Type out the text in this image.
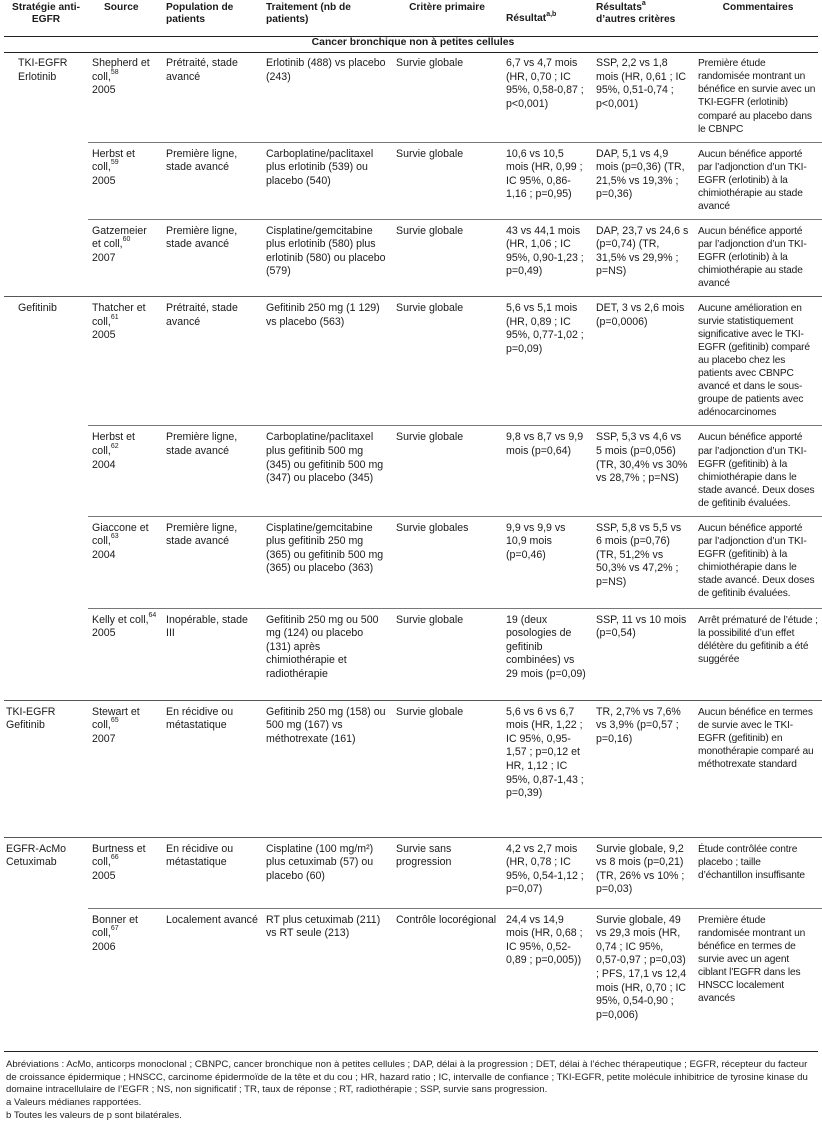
Stratégie anti-EGFR	Source	Population de patients	Traitement (nb de patients)	Critère primaire	Résultat$^{a,b}$	Résultats$^a$
d’autres critères	Commentaires
Cancer bronchique non à petites cellules							
TKI-EGFR Erlotinib	Shepherd et coll,$^{58}$
2005	Prétraité, stade avancé	Erlotinib (488) vs placebo (243)	Survie globale	6,7 vs 4,7 mois (HR, 0,70 ; IC 95%, 0,58-0,87 ; p<0,001)	SSP, 2,2 vs 1,8 mois (HR, 0,61 ; IC 95%, 0,51-0,74 ; p<0,001)	Première étude randomisée montrant un bénéfice en survie avec un TKI-EGFR (erlotinib) comparé au placebo dans le CBNPC
	Herbst et coll,$^{59}$
2005	Première ligne, stade avancé	Carboplatine/paclitaxel plus erlotinib (539) ou placebo (540)	Survie globale	10,6 vs 10,5 mois (HR, 0,99 ; IC 95%, 0,86-1,16 ; p=0,95)	DAP, 5,1 vs 4,9 mois (p=0,36) (TR, 21,5% vs 19,3% ; p=0,36)	Aucun bénéfice apporté par l’adjonction d’un TKI-EGFR (erlotinib) à la chimiothérapie au stade avancé
	Gatzemeier et coll,$^{60}$
2007	Première ligne, stade avancé	Cisplatine/gemcitabine plus erlotinib (580) plus erlotinib (580) ou placebo (579)	Survie globale	43 vs 44,1 mois (HR, 1,06 ; IC 95%, 0,90-1,23 ; p=0,49)	DAP, 23,7 vs 24,6 s (p=0,74) (TR, 31,5% vs 29,9% ; p=NS)	Aucun bénéfice apporté par l’adjonction d’un TKI-EGFR (erlotinib) à la chimiothérapie au stade avancé
Gefitinib	Thatcher et coll,$^{61}$
2005	Prétraité, stade avancé	Gefitinib 250 mg (1 129) vs placebo (563)	Survie globale	5,6 vs 5,1 mois (HR, 0,89 ; IC 95%, 0,77-1,02 ; p=0,09)	DET, 3 vs 2,6 mois (p=0,0006)	Aucune amélioration en survie statistiquement significative avec le TKI-EGFR (gefitinib) comparé au placebo chez les patients avec CBNPC avancé et dans le sous-groupe de patients avec adénocarcinomes
	Herbst et coll,$^{62}$
2004	Première ligne, stade avancé	Carboplatine/paclitaxel plus gefitinib 500 mg (345) ou gefitinib 500 mg (347) ou placebo (345)	Survie globale	9,8 vs 8,7 vs 9,9 mois (p=0,64)	SSP, 5,3 vs 4,6 vs 5 mois (p=0,056) (TR, 30,4% vs 30% vs 28,7% ; p=NS)	Aucun bénéfice apporté par l’adjonction d’un TKI-EGFR (gefitinib) à la chimiothérapie dans le stade avancé. Deux doses de gefitinib évaluées.
	Giaccone et coll,$^{63}$
2004	Première ligne, stade avancé	Cisplatine/gemcitabine plus gefitinib 250 mg (365) ou gefitinib 500 mg (365) ou placebo (363)	Survie globales	9,9 vs 9,9 vs 10,9 mois (p=0,46)	SSP, 5,8 vs 5,5 vs 6 mois (p=0,76) (TR, 51,2% vs 50,3% vs 47,2% ; p=NS)	Aucun bénéfice apporté par l’adjonction d’un TKI-EGFR (gefitinib) à la chimiothérapie dans le stade avancé. Deux doses de gefitinib évaluées.
	Kelly et coll,$^{64}$
2005	Inopérable, stade III	Gefitinib 250 mg ou 500 mg (124) ou placebo (131) après chimiothérapie et radiothérapie	Survie globale	19 (deux posologies de gefitinib combinées) vs 29 mois (p=0,09)	SSP, 11 vs 10 mois (p=0,54)	Arrêt prématuré de l’étude ; la possibilité d’un effet délétère du gefitinib a été suggérée
TKI-EGFR Gefitinib	Stewart et coll,$^{65}$
2007	En récidive ou métastatique	Gefitinib 250 mg (158) ou 500 mg (167) vs méthotrexate (161)	Survie globale	5,6 vs 6 vs 6,7 mois (HR, 1,22 ; IC 95%, 0,95-1,57 ; p=0,12 et HR, 1,12 ; IC 95%, 0,87-1,43 ; p=0,39)	TR, 2,7% vs 7,6% vs 3,9% (p=0,57 ; p=0,16)	Aucun bénéfice en termes de survie avec le TKI-EGFR (gefitinib) en monothérapie comparé au méthotrexate standard
EGFR-AcMo Cetuximab	Burtness et coll,$^{66}$
2005	En récidive ou métastatique	Cisplatine (100 mg/m²) plus cetuximab (57) ou placebo (60)	Survie sans progression	4,2 vs 2,7 mois (HR, 0,78 ; IC 95%, 0,54-1,12 ; p=0,07)	Survie globale, 9,2 vs 8 mois (p=0,21) (TR, 26% vs 10% ; p=0,03)	Étude contrôlée contre placebo ; taille d’échantillon insuffisante
	Bonner et coll,$^{67}$
2006	Localement avancé	RT plus cetuximab (211) vs RT seule (213)	Contrôle locorégional	24,4 vs 14,9 mois (HR, 0,68 ; IC 95%, 0,52-0,89 ; p=0,005))	Survie globale, 49 vs 29,3 mois (HR, 0,74 ; IC 95%, 0,57-0,97 ; p=0,03) ; PFS, 17,1 vs 12,4 mois (HR, 0,70 ; IC 95%, 0,54-0,90 ; p=0,006)	Première étude randomisée montrant un bénéfice en termes de survie avec un agent ciblant l’EGFR dans les HNSCC localement avancés

Abréviations : AcMo, anticorps monoclonal ; CBNPC, cancer bronchique non à petites cellules ; DAP, délai à la progression ; DET, délai à l’échec thérapeutique ; EGFR, récepteur du facteur de croissance épidermique ; HNSCC, carcinome épidermoïde de la tête et du cou ; HR, hazard ratio ; IC, intervalle de confiance ; TKI-EGFR, petite molécule inhibitrice de tyrosine kinase du domaine intracellulaire de l’EGFR ; NS, non significatif ; TR, taux de réponse ; RT, radiothérapie ; SSP, survie sans progression.

a Valeurs médianes rapportées.

b Toutes les valeurs de p sont bilatérales.
